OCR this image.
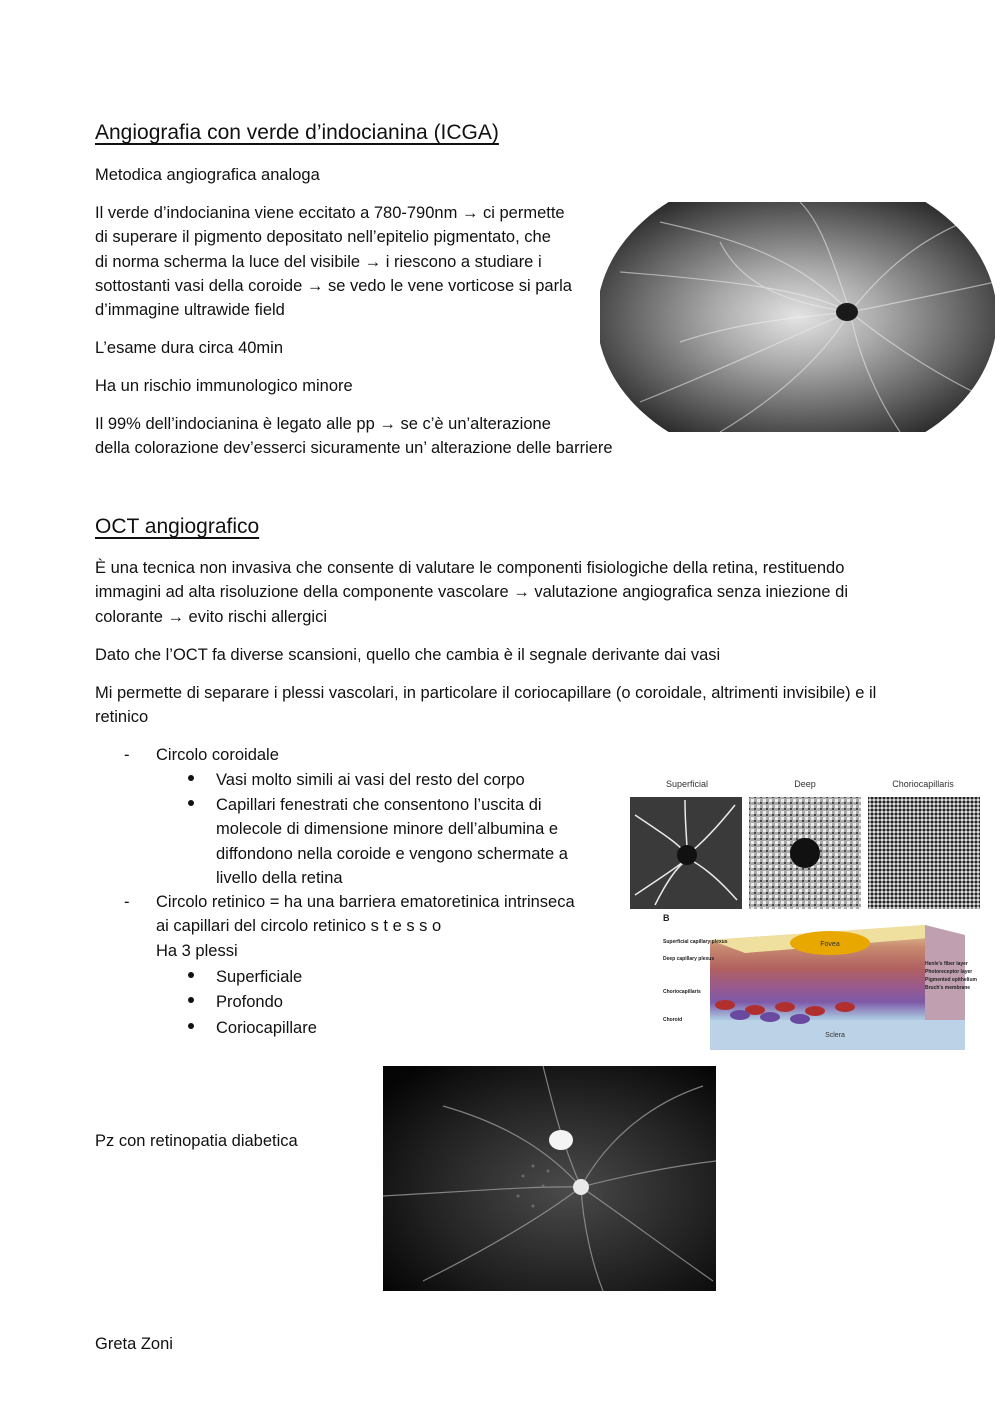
Angiografia con verde d’indocianina (ICGA)
Metodica angiografica analoga
Il verde d’indocianina viene eccitato a 780-790nm → ci permette
di superare il pigmento depositato nell’epitelio pigmentato, che
di norma scherma la luce del visibile → i riescono a studiare i
sottostanti vasi della coroide → se vedo le vene vorticose si parla
d’immagine ultrawide field
L’esame dura circa 40min
Ha un rischio immunologico minore
Il 99% dell’indocianina è legato alle pp → se c’è un’alterazione
della colorazione dev’esserci sicuramente un’ alterazione delle barriere
OCT angiografico
È una tecnica non invasiva che consente di valutare le componenti fisiologiche della retina, restituendo
immagini ad alta risoluzione della componente vascolare → valutazione angiografica senza iniezione di
colorante → evito rischi allergici
Dato che l’OCT fa diverse scansioni, quello che cambia è il segnale derivante dai vasi
Mi permette di separare i plessi vascolari, in particolare il coriocapillare (o coroidale, altrimenti invisibile) e il
retinico
- Circolo coroidale
Vasi molto simili ai vasi del resto del corpo
Capillari fenestrati che consentono l’uscita di
molecole di dimensione minore dell’albumina e
diffondono nella coroide e vengono schermate a
livello della retina
- Circolo retinico = ha una barriera ematoretinica intrinseca
ai capillari del circolo retinico s t e s s o
Ha 3 plessi
Superficiale
Profondo
Coriocapillare
Superficial	Deep	Choriocapillaris
B
Fovea
Sclera
Superficial capillary plexus
Deep capillary plexus
Choriocapillaris
Choroid
Henle's fiber layer
Photoreceptor layer
Pigmented epithelium
Bruch's membrane
Pz con retinopatia diabetica
Greta Zoni
